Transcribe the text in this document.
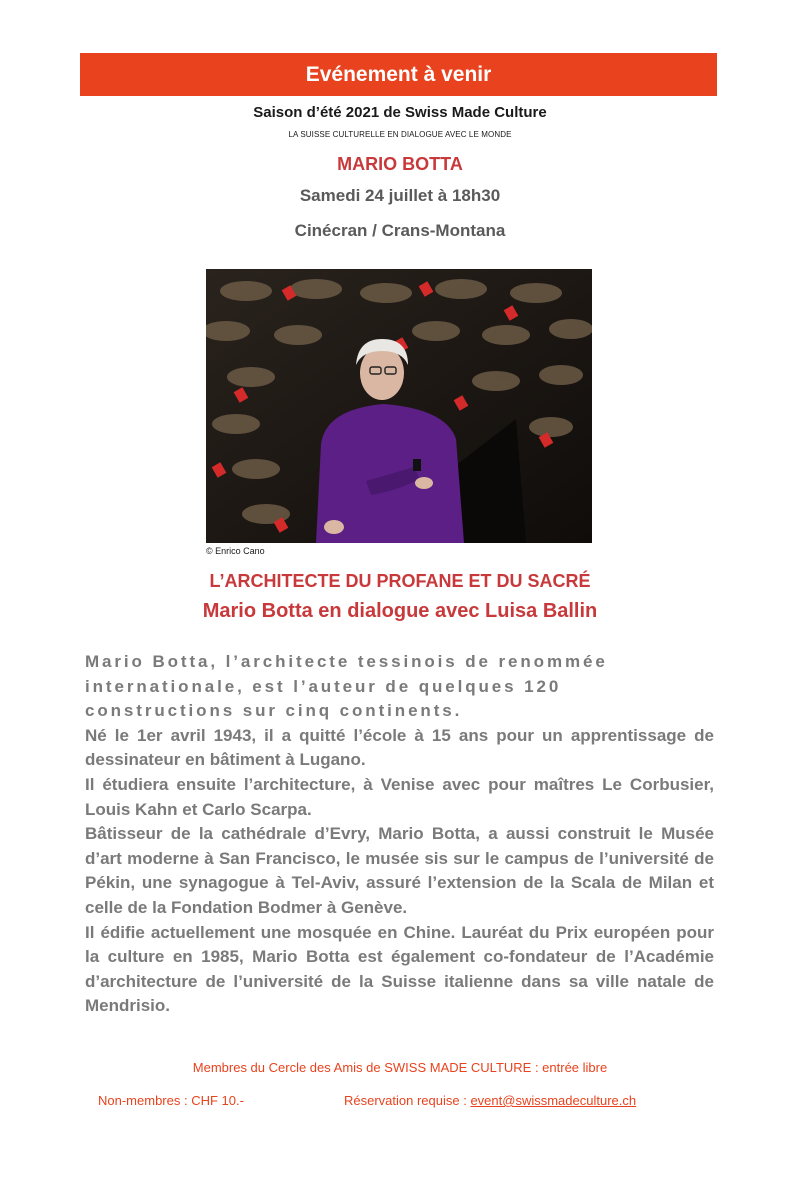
Evénement à venir
Saison d’été 2021 de Swiss Made Culture
LA SUISSE CULTURELLE EN DIALOGUE AVEC LE MONDE
MARIO BOTTA
Samedi 24 juillet à 18h30
Cinécran / Crans-Montana
© Enrico Cano
L’ARCHITECTE DU PROFANE ET DU SACRÉ
Mario Botta en dialogue avec Luisa Ballin

Mario Botta, l’architecte tessinois de renommée internationale, est l’auteur de quelques 120 constructions sur cinq continents.

Né le 1er avril 1943, il a quitté l’école à 15 ans pour un apprentissage de dessinateur en bâtiment à Lugano.

Il étudiera ensuite l’architecture, à Venise avec pour maîtres Le Corbusier, Louis Kahn et Carlo Scarpa.

Bâtisseur de la cathédrale d’Evry, Mario Botta, a aussi construit le Musée d’art moderne à San Francisco, le musée sis sur le campus de l’université de Pékin, une synagogue à Tel-Aviv, assuré l’extension de la Scala de Milan et celle de la Fondation Bodmer à Genève.

Il édifie actuellement une mosquée en Chine. Lauréat du Prix européen pour la culture en 1985, Mario Botta est également co-fondateur de l’Académie d’architecture de l’université de la Suisse italienne dans sa ville natale de Mendrisio.

Membres du Cercle des Amis de SWISS MADE CULTURE : entrée libre
Non-membres : CHF 10.-	Réservation requise : event@swissmadeculture.ch
